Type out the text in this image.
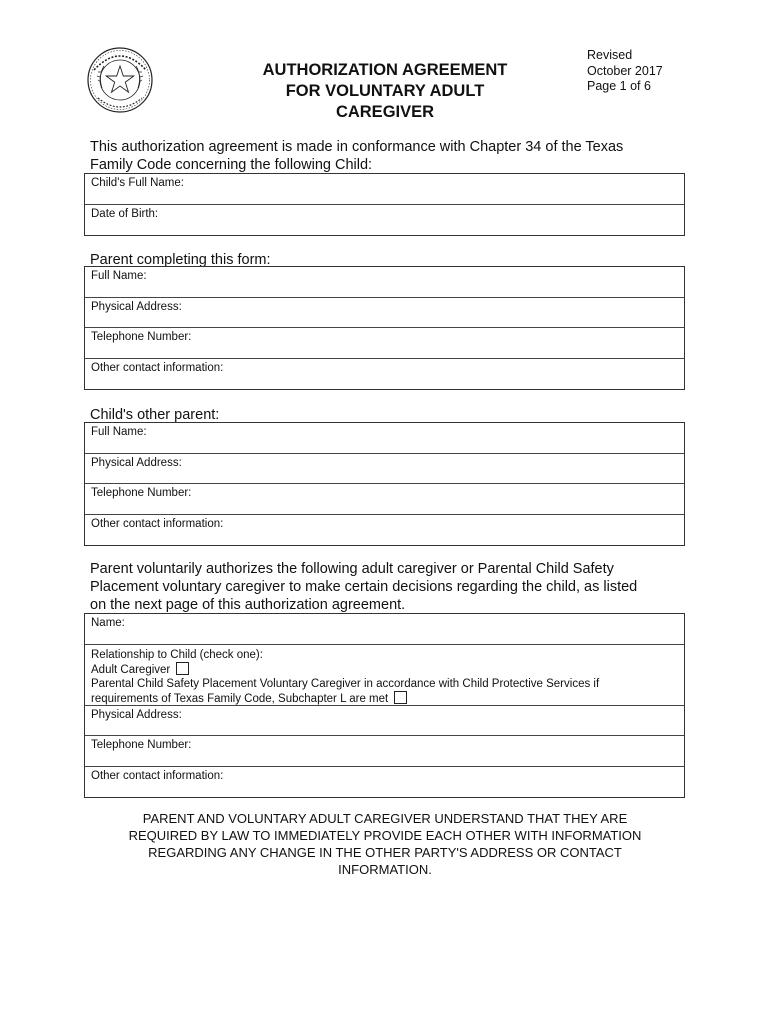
AUTHORIZATION AGREEMENT
FOR VOLUNTARY ADULT
CAREGIVER
Revised
October 2017
Page 1 of 6
This authorization agreement is made in conformance with Chapter 34 of the Texas
Family Code concerning the following Child:
Child's Full Name:
Date of Birth:
Parent completing this form:
Full Name:
Physical Address:
Telephone Number:
Other contact information:
Child's other parent:
Full Name:
Physical Address:
Telephone Number:
Other contact information:
Parent voluntarily authorizes the following adult caregiver or Parental Child Safety
Placement voluntary caregiver to make certain decisions regarding the child, as listed
on the next page of this authorization agreement.
Name:
Relationship to Child (check one):
Adult Caregiver
Parental Child Safety Placement Voluntary Caregiver in accordance with Child Protective Services if
requirements of Texas Family Code, Subchapter L are met
Physical Address:
Telephone Number:
Other contact information:
PARENT AND VOLUNTARY ADULT CAREGIVER UNDERSTAND THAT THEY ARE
REQUIRED BY LAW TO IMMEDIATELY PROVIDE EACH OTHER WITH INFORMATION
REGARDING ANY CHANGE IN THE OTHER PARTY'S ADDRESS OR CONTACT
INFORMATION.
